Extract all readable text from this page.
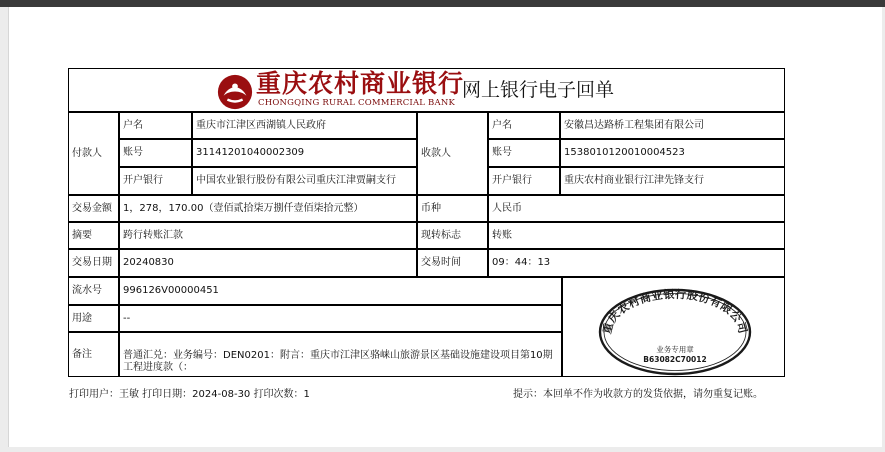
重庆农村商业银行
CHONGQING RURAL COMMERCIAL BANK
网上银行电子回单
付款人
户名	重庆市江津区西湖镇人民政府
账号	31141201040002309
开户银行	中国农业银行股份有限公司重庆江津贾嗣支行
收款人
户名	安徽昌达路桥工程集团有限公司
账号	1538010120010004523
开户银行	重庆农村商业银行江津先锋支行
交易金额	1，278，170.00（壹佰贰拾柒万捌仟壹佰柒拾元整）	币种	人民币
摘要	跨行转账汇款	现转标志	转账
交易日期	20240830	交易时间	09：44：13
流水号	996126V00000451
用途	--
备注	普通汇兑：业务编号：DEN0201：附言：重庆市江津区骆崃山旅游景区基础设施建设项目第10期工程进度款（：
重庆农村商业银行股份有限公司
业务专用章
B63082C70012
打印用户：王敏 打印日期：2024-08-30 打印次数：1	提示：本回单不作为收款方的发货依据，请勿重复记账。
